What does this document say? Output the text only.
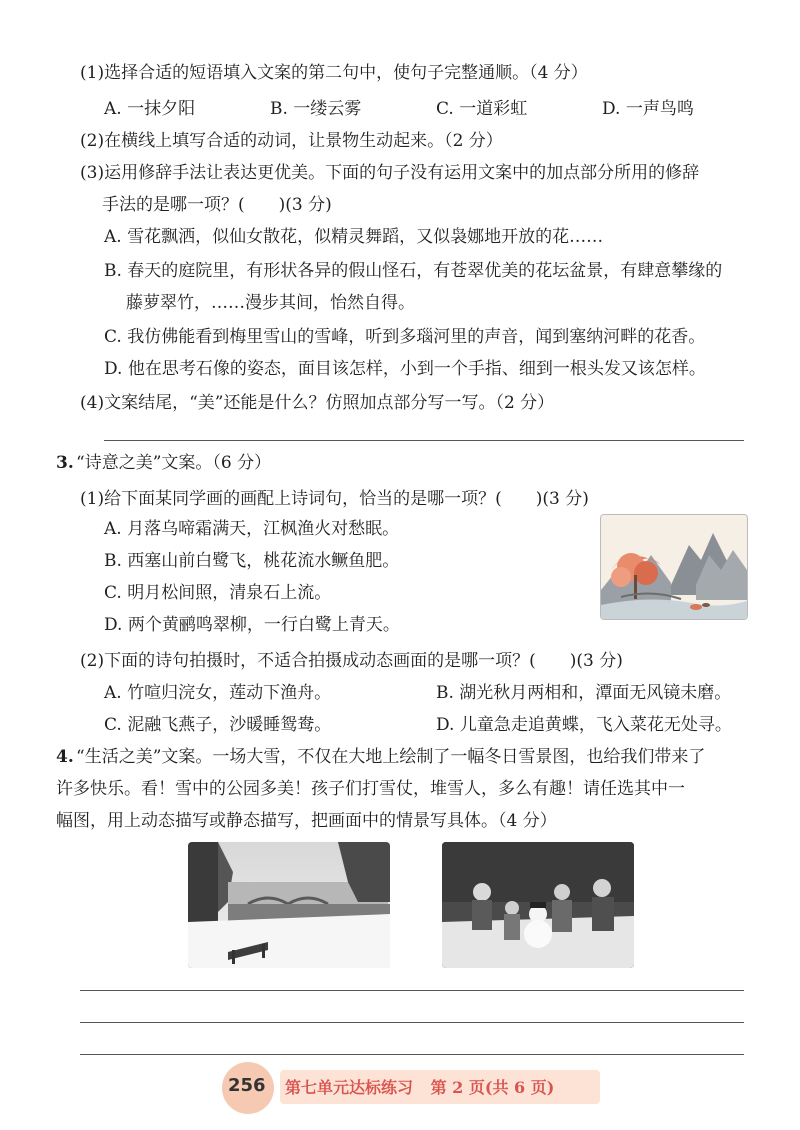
(1)选择合适的短语填入文案的第二句中，使句子完整通顺。（4 分）
A. 一抹夕阳	B. 一缕云雾	C. 一道彩虹	D. 一声鸟鸣
(2)在横线上填写合适的动词，让景物生动起来。（2 分）
(3)运用修辞手法让表达更优美。下面的句子没有运用文案中的加点部分所用的修辞
手法的是哪一项？(　　)(3 分)
A. 雪花飘洒，似仙女散花，似精灵舞蹈，又似袅娜地开放的花……
B. 春天的庭院里，有形状各异的假山怪石，有苍翠优美的花坛盆景，有肆意攀缘的
藤萝翠竹，……漫步其间，怡然自得。
C. 我仿佛能看到梅里雪山的雪峰，听到多瑙河里的声音，闻到塞纳河畔的花香。
D. 他在思考石像的姿态，面目该怎样，小到一个手指、细到一根头发又该怎样。
(4)文案结尾，“美”还能是什么？仿照加点部分写一写。（2 分）
3. “诗意之美”文案。（6 分）
(1)给下面某同学画的画配上诗词句，恰当的是哪一项？(　　)(3 分)
A. 月落乌啼霜满天，江枫渔火对愁眠。
B. 西塞山前白鹭飞，桃花流水鳜鱼肥。
C. 明月松间照，清泉石上流。
D. 两个黄鹂鸣翠柳，一行白鹭上青天。
(2)下面的诗句拍摄时，不适合拍摄成动态画面的是哪一项？(　　)(3 分)
A. 竹喧归浣女，莲动下渔舟。	B. 湖光秋月两相和，潭面无风镜未磨。
C. 泥融飞燕子，沙暖睡鸳鸯。	D. 儿童急走追黄蝶，飞入菜花无处寻。
4. “生活之美”文案。一场大雪，不仅在大地上绘制了一幅冬日雪景图，也给我们带来了
许多快乐。看！雪中的公园多美！孩子们打雪仗，堆雪人，多么有趣！请任选其中一
幅图，用上动态描写或静态描写，把画面中的情景写具体。（4 分）
256 第七单元达标练习 第 2 页(共 6 页)
